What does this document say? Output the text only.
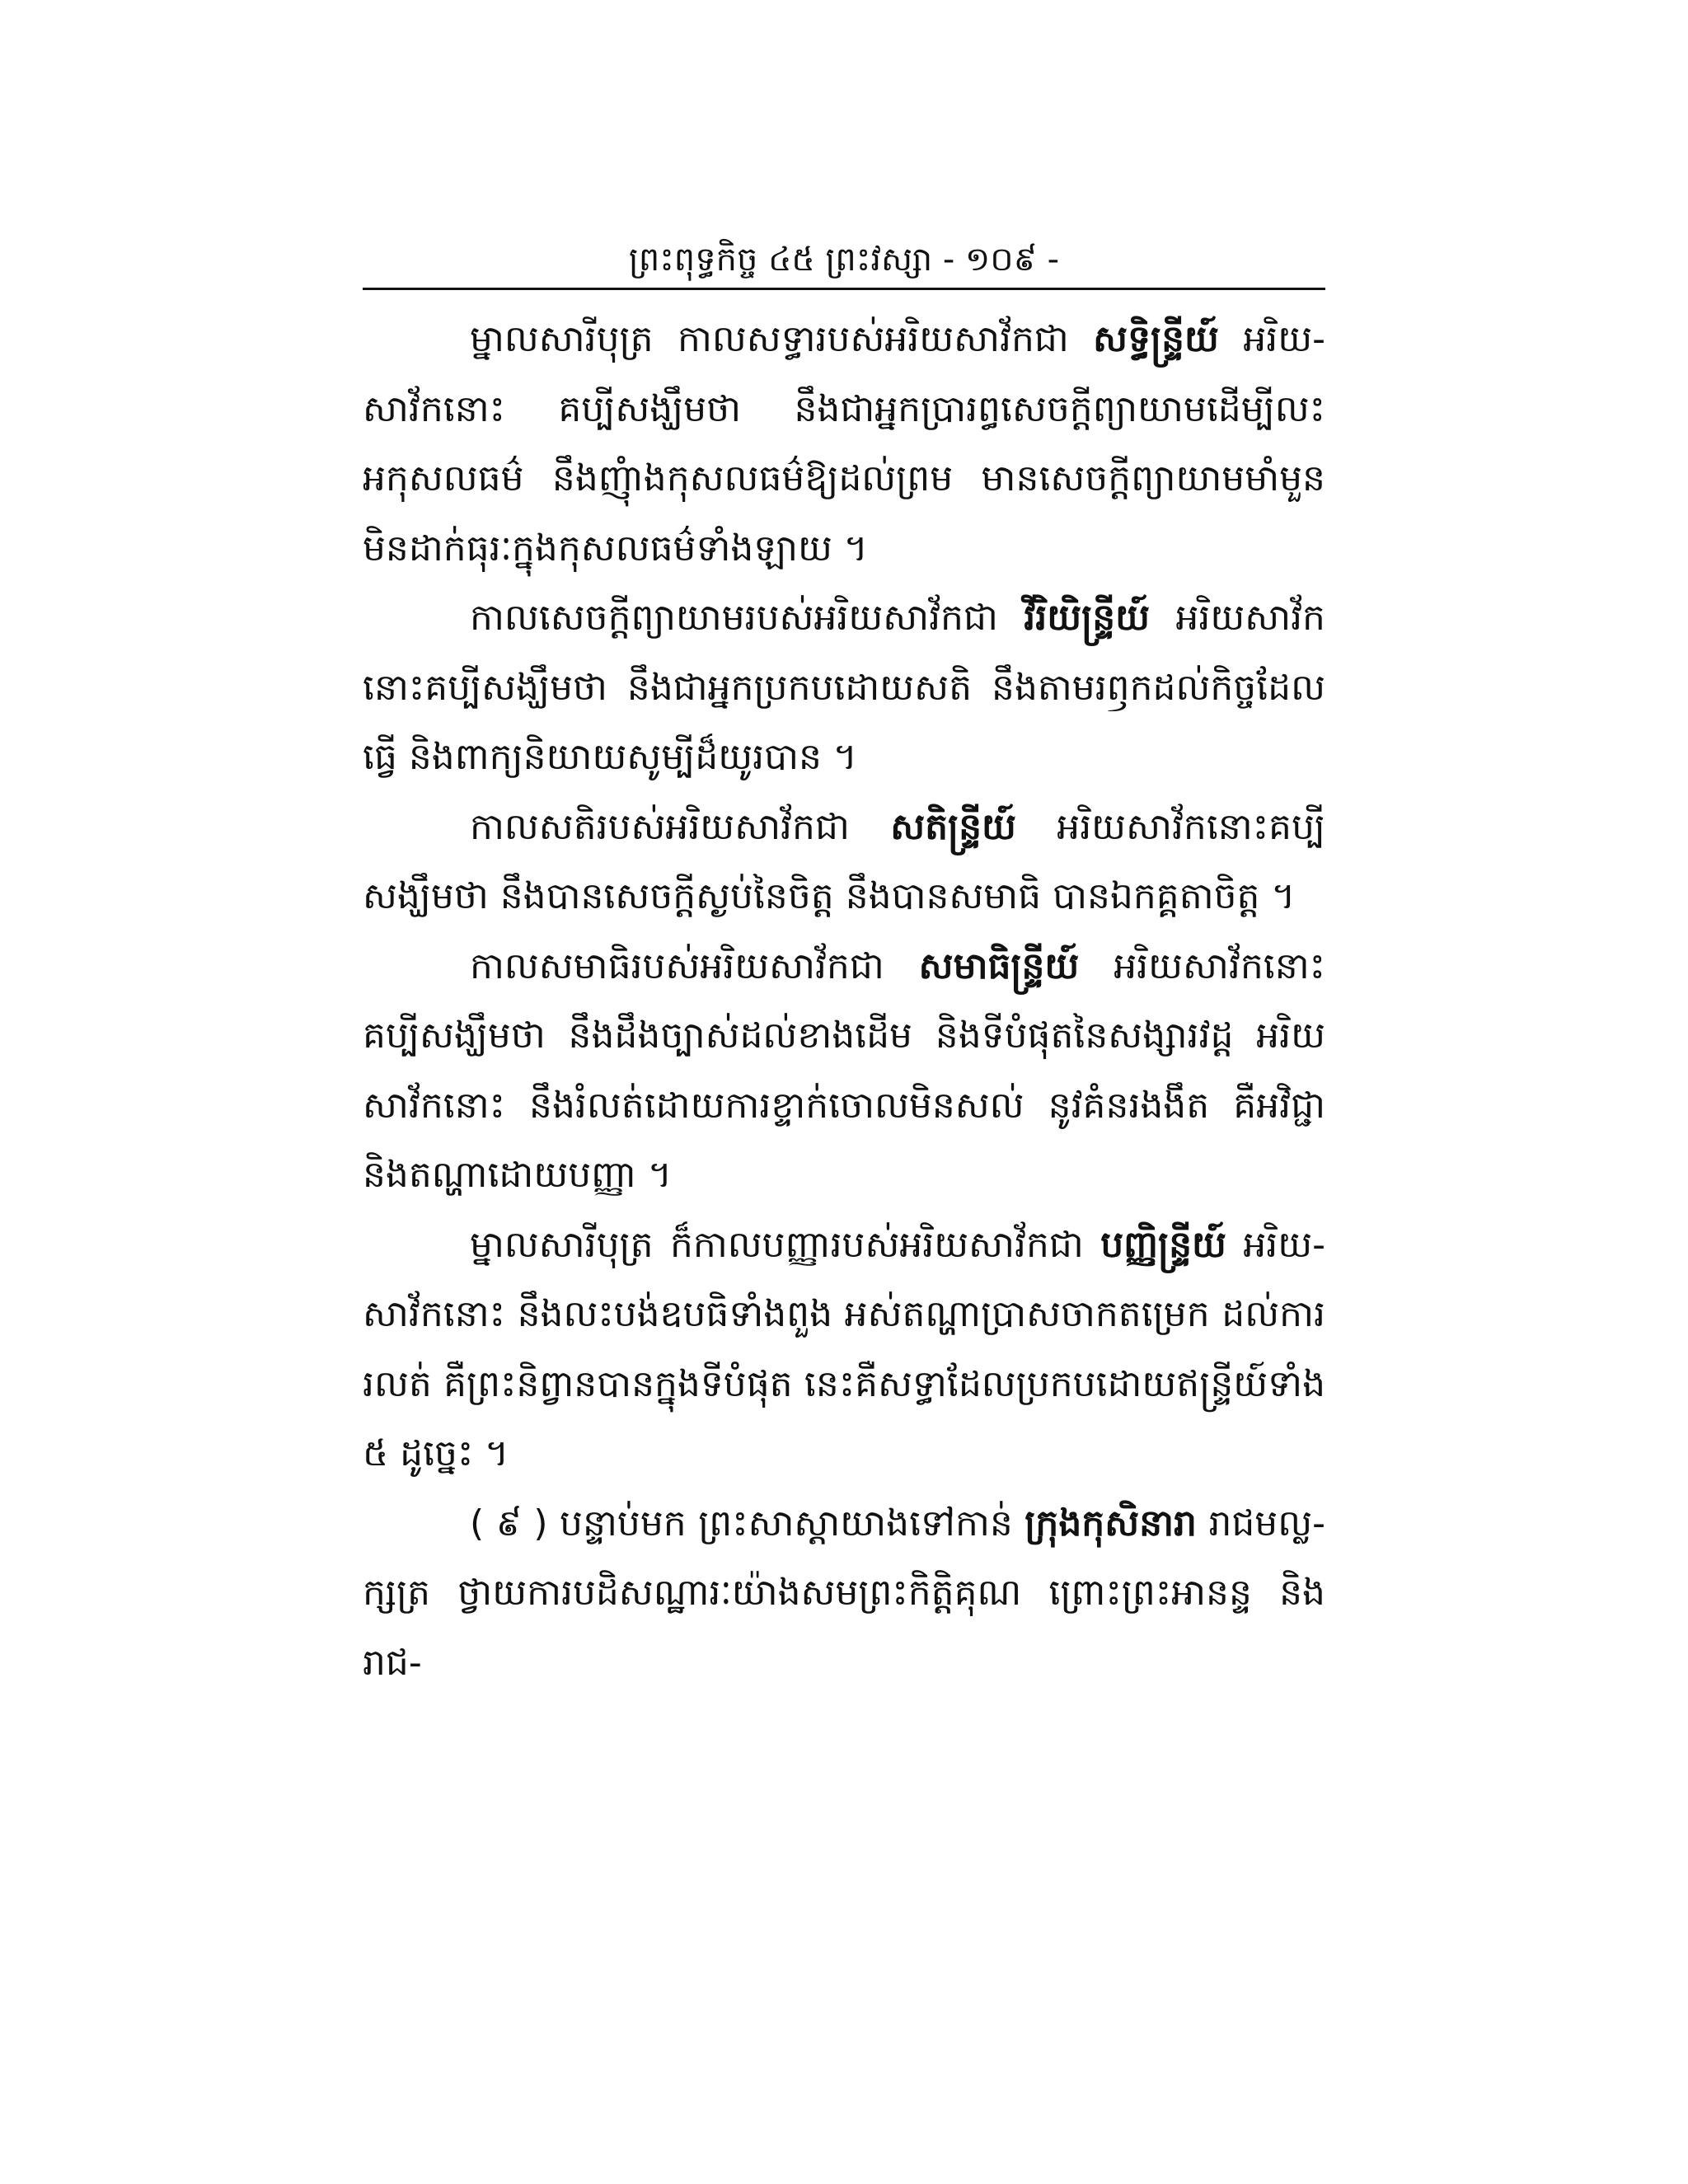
ព្រះពុទ្ធកិច្ច ៤៥ ព្រះវស្សា - ១០៩ -

ម្នាលសារីបុត្រ កាលសទ្ធារបស់អរិយសាវ័កជា សទ្ធិន្ទ្រីយ៍ អរិយ-សាវ័កនោះ គប្បីសង្ឃឹមថា នឹងជាអ្នកប្រារព្ធសេចក្តីព្យាយាមដើម្បីលះអកុសលធម៌ នឹងញុំាងកុសលធម៌ឱ្យដល់ព្រម មានសេចក្តីព្យាយាមមាំមួន មិនដាក់ធុរៈក្នុងកុសលធម៌ទាំងឡាយ ។

កាលសេចក្តីព្យាយាមរបស់អរិយសាវ័កជា វីរិយិន្ទ្រីយ៍ អរិយសាវ័កនោះគប្បីសង្ឃឹមថា នឹងជាអ្នកប្រកបដោយសតិ នឹងតាមរឭកដល់កិច្ចដែលធ្វើ និងពាក្យនិយាយសូម្បីដ៏យូរបាន ។

កាលសតិរបស់អរិយសាវ័កជា សតិន្ទ្រីយ៍ អរិយសាវ័កនោះគប្បីសង្ឃឹមថា នឹងបានសេចក្តីស្ងប់នៃចិត្ត នឹងបានសមាធិ បានឯកគ្គតាចិត្ត ។

កាលសមាធិរបស់អរិយសាវ័កជា សមាធិន្ទ្រីយ៍ អរិយសាវ័កនោះគប្បីសង្ឃឹមថា នឹងដឹងច្បាស់ដល់ខាងដើម និងទីបំផុតនៃសង្សារវដ្ដ អរិយសាវ័កនោះ នឹងរំលត់ដោយការខ្ទាក់ចោលមិនសល់ នូវគំនរងងឹត គឺអវិជ្ជា និងតណ្ហាដោយបញ្ញា ។

ម្នាលសារីបុត្រ ក៏កាលបញ្ញារបស់អរិយសាវ័កជា បញ្ញិន្ទ្រីយ៍ អរិយ-សាវ័កនោះ នឹងលះបង់ឧបធិទាំងពួង អស់តណ្ហាប្រាសចាកតម្រេក ដល់ការរលត់ គឺព្រះនិព្វានបានក្នុងទីបំផុត នេះគឺសទ្ធាដែលប្រកបដោយឥន្ទ្រីយ៍ទាំង ៥ ដូច្នេះ ។

( ៩ ) បន្ទាប់មក ព្រះសាស្ដាយាងទៅកាន់ ក្រុងកុសិនារា រាជមល្ល-ក្សត្រ ថ្វាយការបដិសណ្ឋារៈយ៉ាងសមព្រះកិត្តិគុណ ព្រោះព្រះអានន្ទ និងរាជ-
